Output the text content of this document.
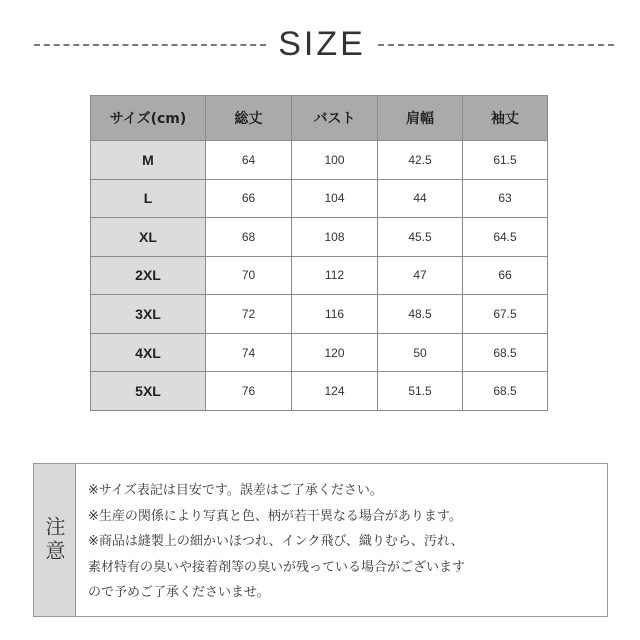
SIZE
サイズ(cm)	総丈	バスト	肩幅	袖丈
M	64	100	42.5	61.5
L	66	104	44	63
XL	68	108	45.5	64.5
2XL	70	112	47	66
3XL	72	116	48.5	67.5
4XL	74	120	50	68.5
5XL	76	124	51.5	68.5
注意
※サイズ表記は目安です。誤差はご了承ください。
※生産の関係により写真と色、柄が若干異なる場合があります。
※商品は縫製上の細かいほつれ、インク飛び、織りむら、汚れ、
素材特有の臭いや接着剤等の臭いが残っている場合がございます
ので予めご了承くださいませ。
